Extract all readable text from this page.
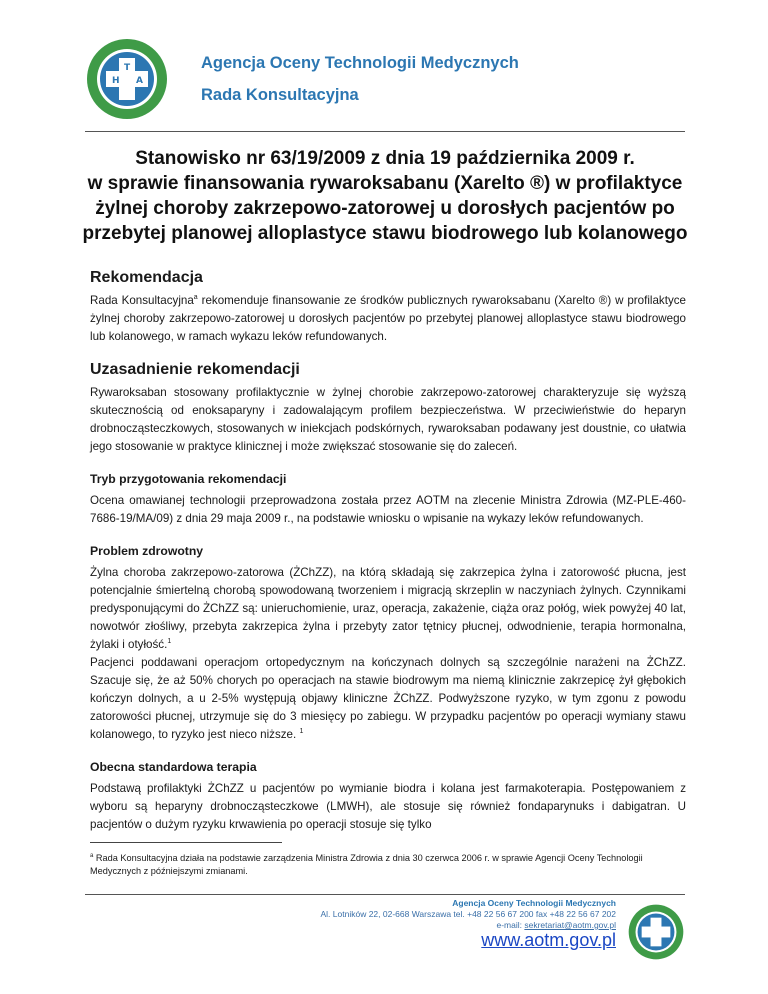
H
T
A
Agencja Oceny Technologii Medycznych
Rada Konsultacyjna
Stanowisko nr 63/19/2009 z dnia 19 października 2009 r.
w sprawie finansowania rywaroksabanu (Xarelto ®) w profilaktyce
żylnej choroby zakrzepowo-zatorowej u dorosłych pacjentów po
przebytej planowej alloplastyce stawu biodrowego lub kolanowego
Rekomendacja

Rada Konsultacyjna$^a$ rekomenduje finansowanie ze środków publicznych rywaroksabanu (Xarelto ®) w profilaktyce żylnej choroby zakrzepowo-zatorowej u dorosłych pacjentów po przebytej planowej alloplastyce stawu biodrowego lub kolanowego, w ramach wykazu leków refundowanych.

Uzasadnienie rekomendacji

Rywaroksaban stosowany profilaktycznie w żylnej chorobie zakrzepowo-zatorowej charakteryzuje się wyższą skutecznością od enoksaparyny i zadowalającym profilem bezpieczeństwa. W przeciwieństwie do heparyn drobnocząsteczkowych, stosowanych w iniekcjach podskórnych, rywaroksaban podawany jest doustnie, co ułatwia jego stosowanie w praktyce klinicznej i może zwiększać stosowanie się do zaleceń.

Tryb przygotowania rekomendacji

Ocena omawianej technologii przeprowadzona została przez AOTM na zlecenie Ministra Zdrowia (MZ-PLE-460-7686-19/MA/09) z dnia 29 maja 2009 r., na podstawie wniosku o wpisanie na wykazy leków refundowanych.

Problem zdrowotny

Żylna choroba zakrzepowo-zatorowa (ŻChZZ), na którą składają się zakrzepica żylna i zatorowość płucna, jest potencjalnie śmiertelną chorobą spowodowaną tworzeniem i migracją skrzeplin w naczyniach żylnych. Czynnikami predysponującymi do ŻChZZ są: unieruchomienie, uraz, operacja, zakażenie, ciąża oraz połóg, wiek powyżej 40 lat, nowotwór złośliwy, przebyta zakrzepica żylna i przebyty zator tętnicy płucnej, odwodnienie, terapia hormonalna, żylaki i otyłość.$^1$

Pacjenci poddawani operacjom ortopedycznym na kończynach dolnych są szczególnie narażeni na ŻChZZ. Szacuje się, że aż 50% chorych po operacjach na stawie biodrowym ma niemą klinicznie zakrzepicę żył głębokich kończyn dolnych, a u 2-5% występują objawy kliniczne ŻChZZ. Podwyższone ryzyko, w tym zgonu z powodu zatorowości płucnej, utrzymuje się do 3 miesięcy po zabiegu. W przypadku pacjentów po operacji wymiany stawu kolanowego, to ryzyko jest nieco niższe. $^1$

Obecna standardowa terapia

Podstawą profilaktyki ŻChZZ u pacjentów po wymianie biodra i kolana jest farmakoterapia. Postępowaniem z wyboru są heparyny drobnocząsteczkowe (LMWH), ale stosuje się również fondaparynuks i dabigatran. U pacjentów o dużym ryzyku krwawienia po operacji stosuje się tylko

$^a$ Rada Konsultacyjna działa na podstawie zarządzenia Ministra Zdrowia z dnia 30 czerwca 2006 r. w sprawie Agencji Oceny Technologii Medycznych z późniejszymi zmianami.
Agencja Oceny Technologii Medycznych
Al. Lotników 22, 02-668 Warszawa tel. +48 22 56 67 200 fax +48 22 56 67 202
e-mail: sekretariat@aotm.gov.pl
www.aotm.gov.pl
